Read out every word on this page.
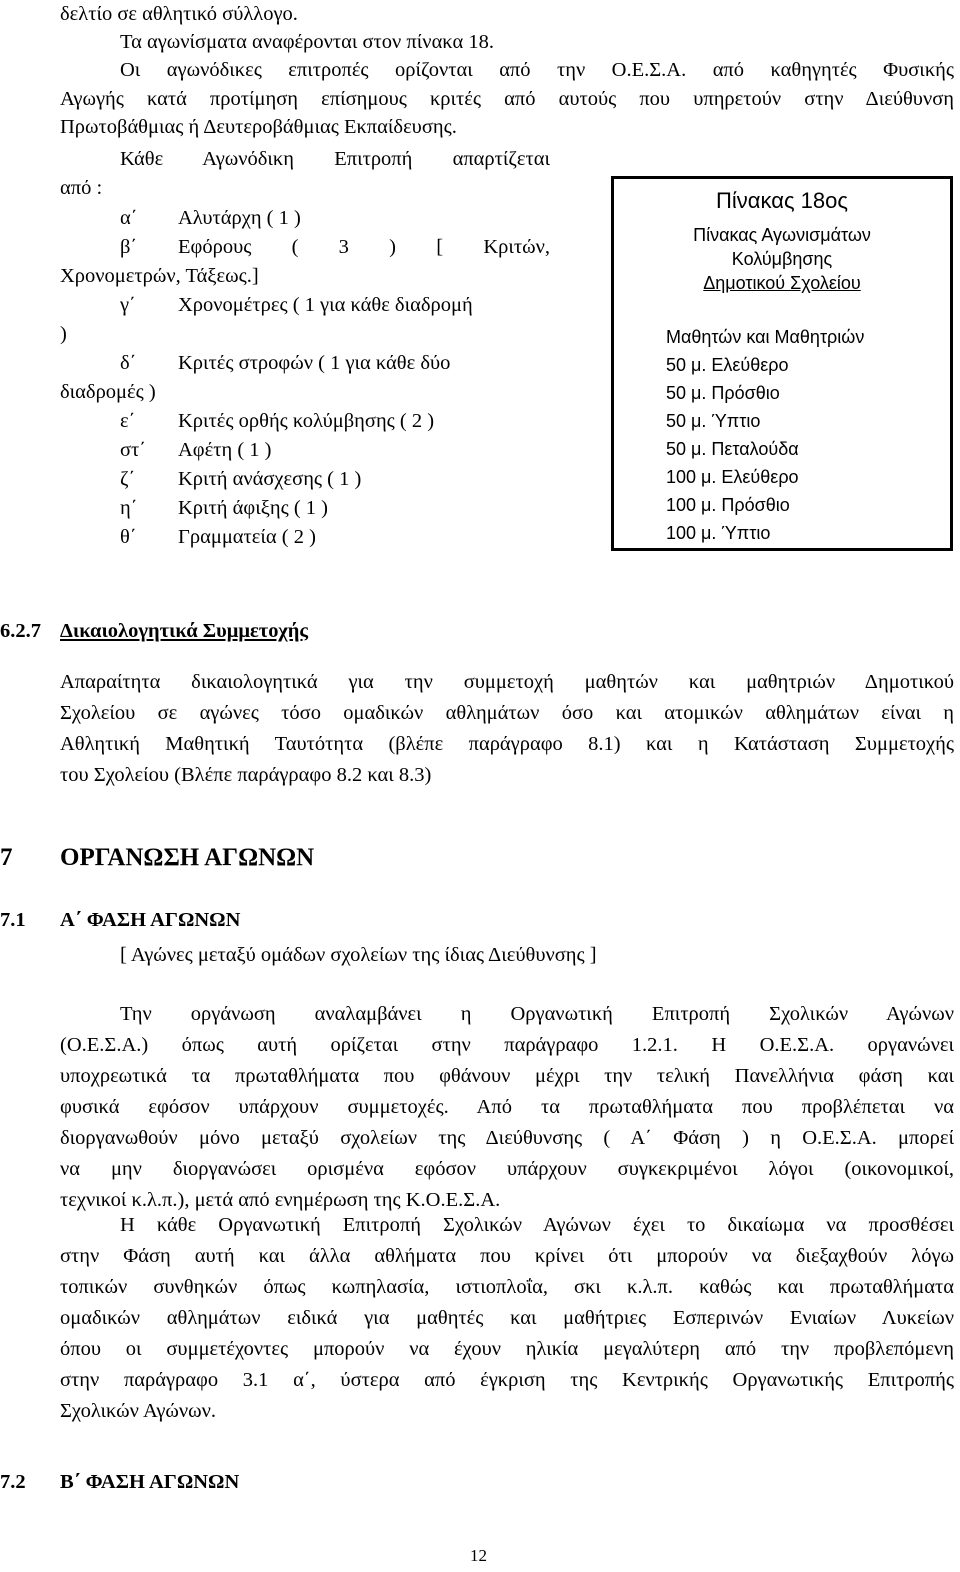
δελτίο σε αθλητικό σύλλογο.
Τα αγωνίσματα αναφέρονται στον πίνακα 18.
Οι αγωνόδικες επιτροπές ορίζονται από την Ο.Ε.Σ.Α. από καθηγητές Φυσικής
Αγωγής κατά προτίμηση επίσημους κριτές από αυτούς που υπηρετούν στην Διεύθυνση
Πρωτοβάθμιας ή Δευτεροβάθμιας Εκπαίδευσης.
Κάθε Αγωνόδικη Επιτροπή απαρτίζεται
από :
α΄ Αλυτάρχη ( 1 )
β΄ Εφόρους ( 3 ) [ Κριτών,
Χρονομετρών, Τάξεως.]
γ΄ Χρονομέτρες ( 1 για κάθε διαδρομή
)
δ΄ Κριτές στροφών ( 1 για κάθε δύο
διαδρομές )
ε΄ Κριτές ορθής κολύμβησης ( 2 )
στ΄ Αφέτη ( 1 )
ζ΄ Κριτή ανάσχεσης ( 1 )
η΄ Κριτή άφιξης ( 1 )
θ΄ Γραμματεία ( 2 )
Πίνακας 18ος
Πίνακας Αγωνισμάτων
Κολύμβησης
Δημοτικού Σχολείου
Μαθητών και Μαθητριών
50 μ. Ελεύθερο
50 μ. Πρόσθιο
50 μ. Ύπτιο
50 μ. Πεταλούδα
100 μ. Ελεύθερο
100 μ. Πρόσθιο
100 μ. Ύπτιο
6.2.7 Δικαιολογητικά Συμμετοχής
Απαραίτητα δικαιολογητικά για την συμμετοχή μαθητών και μαθητριών Δημοτικού
Σχολείου σε αγώνες τόσο ομαδικών αθλημάτων όσο και ατομικών αθλημάτων είναι η
Αθλητική Μαθητική Ταυτότητα (βλέπε παράγραφο 8.1) και η Κατάσταση Συμμετοχής
του Σχολείου (Βλέπε παράγραφο 8.2 και 8.3)
7 ΟΡΓΑΝΩΣΗ ΑΓΩΝΩΝ
7.1 Α΄ ΦΑΣΗ ΑΓΩΝΩΝ
[ Αγώνες μεταξύ ομάδων σχολείων της ίδιας Διεύθυνσης ]
Την οργάνωση αναλαμβάνει η Οργανωτική Επιτροπή Σχολικών Αγώνων
(Ο.Ε.Σ.Α.) όπως αυτή ορίζεται στην παράγραφο 1.2.1. Η Ο.Ε.Σ.Α. οργανώνει
υποχρεωτικά τα πρωταθλήματα που φθάνουν μέχρι την τελική Πανελλήνια φάση και
φυσικά εφόσον υπάρχουν συμμετοχές. Από τα πρωταθλήματα που προβλέπεται να
διοργανωθούν μόνο μεταξύ σχολείων της Διεύθυνσης ( Α΄ Φάση ) η Ο.Ε.Σ.Α. μπορεί
να μην διοργανώσει ορισμένα εφόσον υπάρχουν συγκεκριμένοι λόγοι (οικονομικοί,
τεχνικοί κ.λ.π.), μετά από ενημέρωση της Κ.Ο.Ε.Σ.Α.
Η κάθε Οργανωτική Επιτροπή Σχολικών Αγώνων έχει το δικαίωμα να προσθέσει
στην Φάση αυτή και άλλα αθλήματα που κρίνει ότι μπορούν να διεξαχθούν λόγω
τοπικών συνθηκών όπως κωπηλασία, ιστιοπλοΐα, σκι κ.λ.π. καθώς και πρωταθλήματα
ομαδικών αθλημάτων ειδικά για μαθητές και μαθήτριες Εσπερινών Ενιαίων Λυκείων
όπου οι συμμετέχοντες μπορούν να έχουν ηλικία μεγαλύτερη από την προβλεπόμενη
στην παράγραφο 3.1 α΄, ύστερα από έγκριση της Κεντρικής Οργανωτικής Επιτροπής
Σχολικών Αγώνων.
7.2 Β΄ ΦΑΣΗ ΑΓΩΝΩΝ
12
